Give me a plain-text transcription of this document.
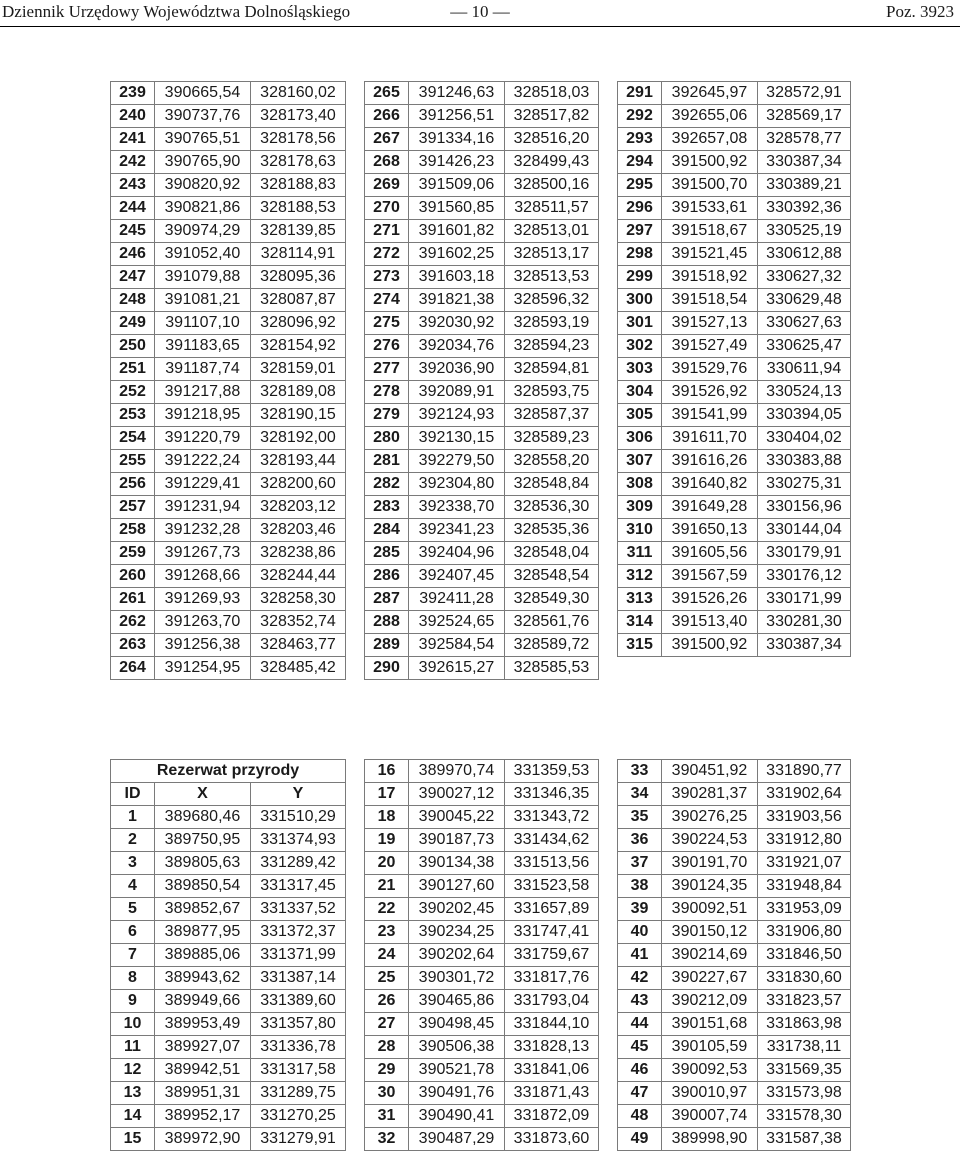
Dziennik Urzędowy Województwa Dolnośląskiego	— 10 —	Poz. 3923
239	390665,54	328160,02
240	390737,76	328173,40
241	390765,51	328178,56
242	390765,90	328178,63
243	390820,92	328188,83
244	390821,86	328188,53
245	390974,29	328139,85
246	391052,40	328114,91
247	391079,88	328095,36
248	391081,21	328087,87
249	391107,10	328096,92
250	391183,65	328154,92
251	391187,74	328159,01
252	391217,88	328189,08
253	391218,95	328190,15
254	391220,79	328192,00
255	391222,24	328193,44
256	391229,41	328200,60
257	391231,94	328203,12
258	391232,28	328203,46
259	391267,73	328238,86
260	391268,66	328244,44
261	391269,93	328258,30
262	391263,70	328352,74
263	391256,38	328463,77
264	391254,95	328485,42
265	391246,63	328518,03
266	391256,51	328517,82
267	391334,16	328516,20
268	391426,23	328499,43
269	391509,06	328500,16
270	391560,85	328511,57
271	391601,82	328513,01
272	391602,25	328513,17
273	391603,18	328513,53
274	391821,38	328596,32
275	392030,92	328593,19
276	392034,76	328594,23
277	392036,90	328594,81
278	392089,91	328593,75
279	392124,93	328587,37
280	392130,15	328589,23
281	392279,50	328558,20
282	392304,80	328548,84
283	392338,70	328536,30
284	392341,23	328535,36
285	392404,96	328548,04
286	392407,45	328548,54
287	392411,28	328549,30
288	392524,65	328561,76
289	392584,54	328589,72
290	392615,27	328585,53
291	392645,97	328572,91
292	392655,06	328569,17
293	392657,08	328578,77
294	391500,92	330387,34
295	391500,70	330389,21
296	391533,61	330392,36
297	391518,67	330525,19
298	391521,45	330612,88
299	391518,92	330627,32
300	391518,54	330629,48
301	391527,13	330627,63
302	391527,49	330625,47
303	391529,76	330611,94
304	391526,92	330524,13
305	391541,99	330394,05
306	391611,70	330404,02
307	391616,26	330383,88
308	391640,82	330275,31
309	391649,28	330156,96
310	391650,13	330144,04
311	391605,56	330179,91
312	391567,59	330176,12
313	391526,26	330171,99
314	391513,40	330281,30
315	391500,92	330387,34
Rezerwat przyrody		
ID	X	Y
1	389680,46	331510,29
2	389750,95	331374,93
3	389805,63	331289,42
4	389850,54	331317,45
5	389852,67	331337,52
6	389877,95	331372,37
7	389885,06	331371,99
8	389943,62	331387,14
9	389949,66	331389,60
10	389953,49	331357,80
11	389927,07	331336,78
12	389942,51	331317,58
13	389951,31	331289,75
14	389952,17	331270,25
15	389972,90	331279,91
16	389970,74	331359,53
17	390027,12	331346,35
18	390045,22	331343,72
19	390187,73	331434,62
20	390134,38	331513,56
21	390127,60	331523,58
22	390202,45	331657,89
23	390234,25	331747,41
24	390202,64	331759,67
25	390301,72	331817,76
26	390465,86	331793,04
27	390498,45	331844,10
28	390506,38	331828,13
29	390521,78	331841,06
30	390491,76	331871,43
31	390490,41	331872,09
32	390487,29	331873,60
33	390451,92	331890,77
34	390281,37	331902,64
35	390276,25	331903,56
36	390224,53	331912,80
37	390191,70	331921,07
38	390124,35	331948,84
39	390092,51	331953,09
40	390150,12	331906,80
41	390214,69	331846,50
42	390227,67	331830,60
43	390212,09	331823,57
44	390151,68	331863,98
45	390105,59	331738,11
46	390092,53	331569,35
47	390010,97	331573,98
48	390007,74	331578,30
49	389998,90	331587,38
